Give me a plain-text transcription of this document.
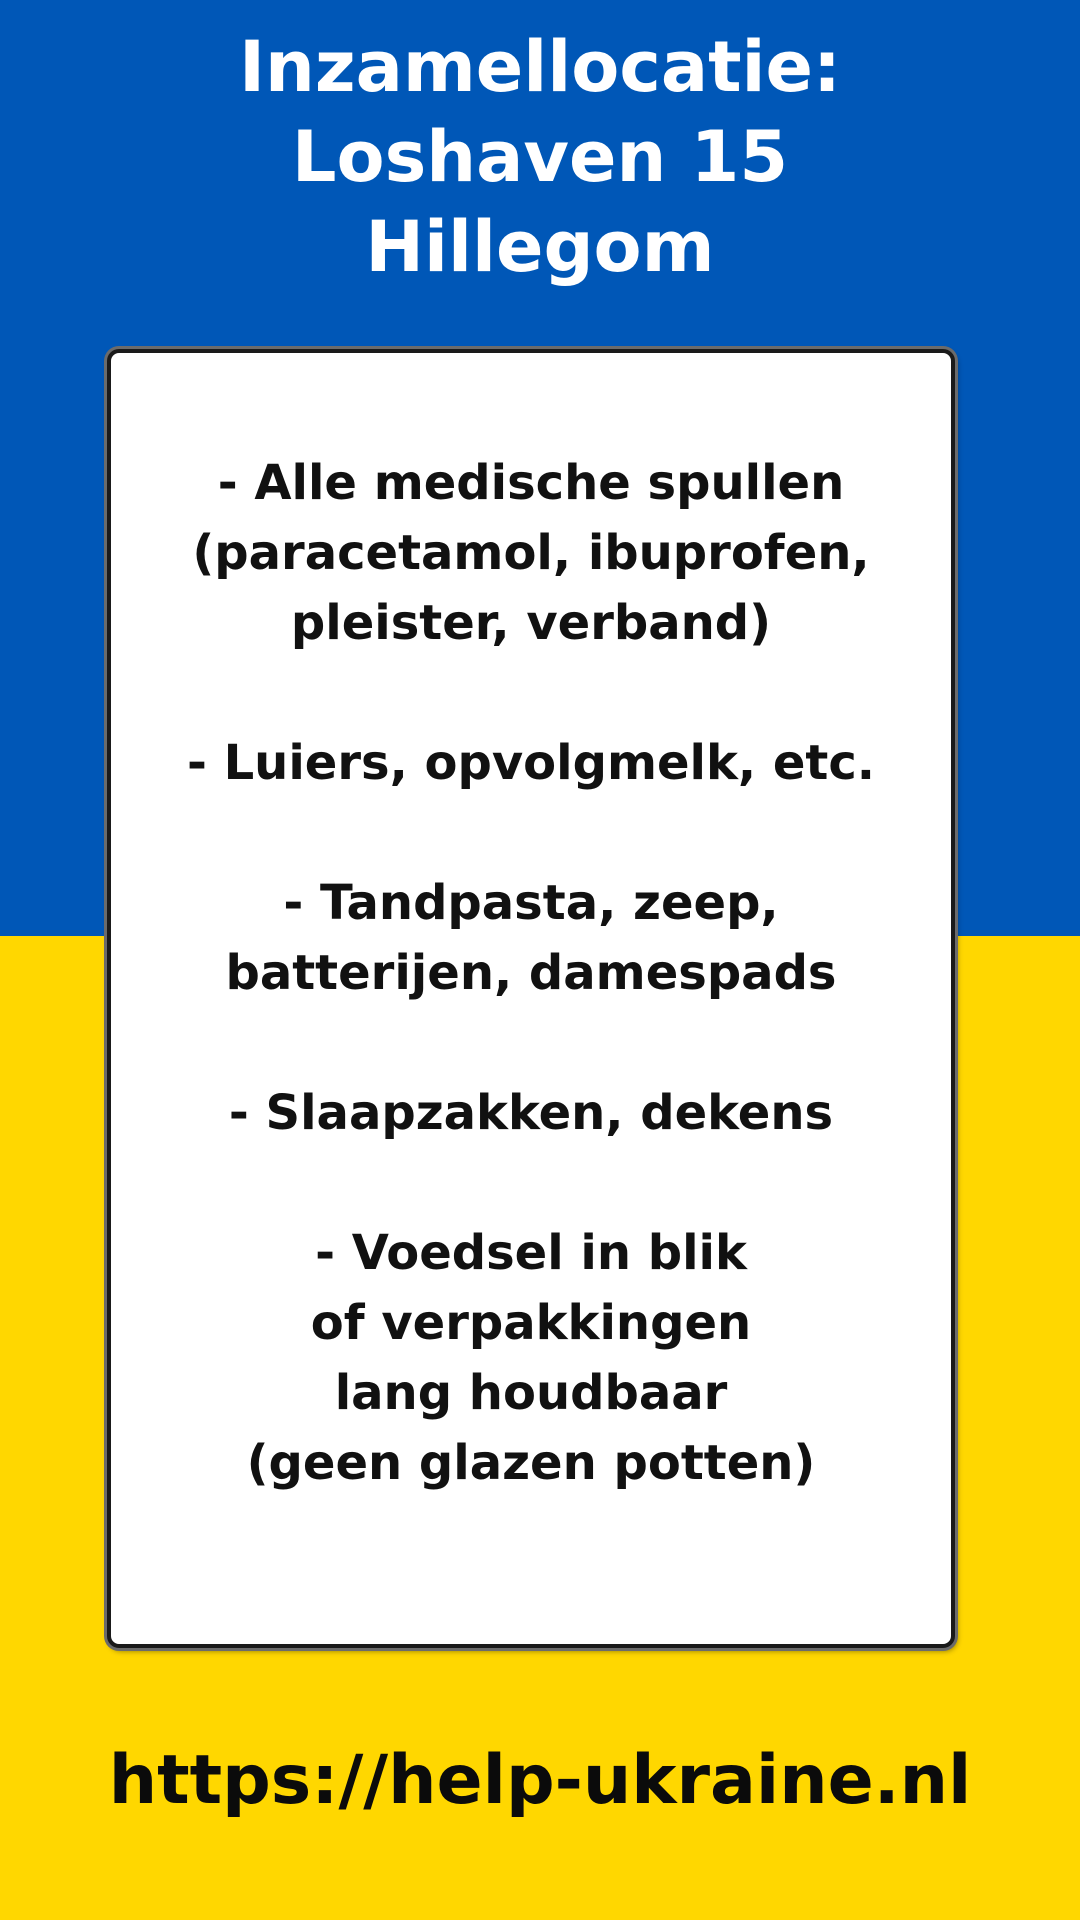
Inzamellocatie:
Loshaven 15
Hillegom
- Alle medische spullen
(paracetamol, ibuprofen,
pleister, verband)
- Luiers, opvolgmelk, etc.
- Tandpasta, zeep,
batterijen, damespads
- Slaapzakken, dekens
- Voedsel in blik
of verpakkingen
lang houdbaar
(geen glazen potten)
https://help-ukraine.nl
